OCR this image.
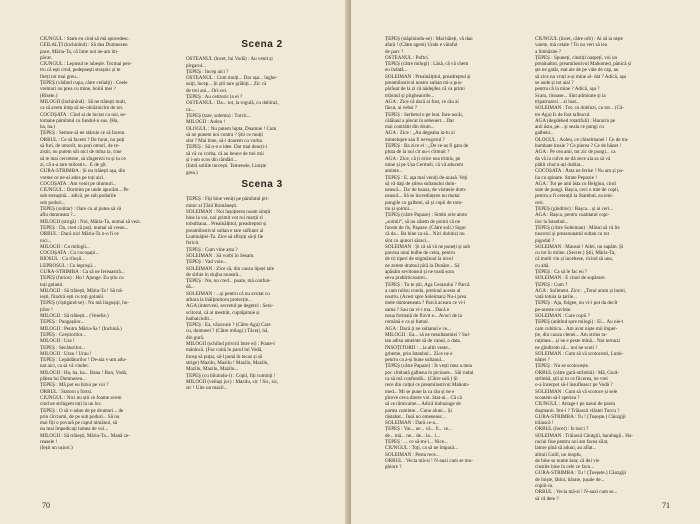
CIUNGUL : Stam eu cind să mă spovedesc.
CEILALȚI (inchinînd) : Să dea Dumnezeu
pace, Măria-Ta, că între noi ne-am îm-
păcat.
CIUNGUL : Lepusul te iubește. Tocmai pen-
tru că ești crud, pedepsești strașnic și te
fierți tot mai greu...
ȚEPEȘ (vădind cupa, către ceilalți) : Ceele
vremuri nu prea cu mine, boiiii mei ?
(Rîsete.)
MILOGII (închinînd) : Să ne trăiești mult,
ca să avem timp să ne-obrăznicim de tot.
COCOȘATA : Cînd ai de lucrat cu noi, se-
tomane pămîntul cu fundul-n sus. (Ha,
ha, ha.)
ȚEPEȘ : Semne să ne stăruie ce să facem.
ORBUL : Ce să facem ? De furat, nu poți
să furi, de omorît, nu poți omorî, de re-
zistit, nu putem sili nici de mîna ta, cine
să te mai cerceteze, să sîngerezi tu și tu ce
zi, că a-a tare milostiv... E de gît.
GURA-STRIMBA : Și nu trăiești așa, din
vreme ce ne-ai adus pe toți aici.
COCOȘATA : Am venit pe drumuri...
CIUNGUL : Dormim pe unde apucăm... Pe
sub streașină... adică, pe sub podurile
sub poduri...
ȚEPEȘ (solitar) : Oare cu ai putea să vă
aflu dumneata ?...
MILOGII (strigă) : Noi, Măria-Ta, numai să vezi.
ȚEPEȘ : Da, cred că poți, numai să vreau...
ORBUL : Dacă nici Măria-Ta n-o fi ce
nici...
MILOGII : Cu milogii...
COCOȘATA : Cu cocoșații...
RIOSUL : Cu rîioșii...
LEPROSUL : Cu leproșii...
GURA-STRIMBA : Ca să ne fereaastră...
ȚEPEȘ (furios) : Ho ! Ajunge. Eu știu cu
toți golanii.
MILOGII : Să trăiești, Măria-Ta ! Să tră-
iești, fiindcă ești cu toți golanii.
ȚEPEȘ (cîștigând-se) : Nu mă lingușiți, ho-
țiilor !
MILOGII : Să trăiești... (Veselie.)
ȚEPEȘ : Pungașilor...
MILOGII : Pentru Măria-Sa ! (Închină.)
ȚEPEȘ : Cerșitorilor...
MILOGII : Ura !
ȚEPEȘ : Secăturilor...
MILOGII : Urau ! Urau !
ȚEPEȘ : Lepădăturilor ! De-aia v-am adu-
nat aici, ca să vă vindec.
MILOGII : Ha, ha, ha... Bana ! Bun, Vodă,
plătea lui Dumnezeu...
ȚEPEȘ : Mă pot eu bizui pe voi ?
ORBUL : Statorn ș fortsi.
CIUNGUL : Nici nu știi ce foame avem
cind ne strîngem toți la un loc.
ȚEPEȘ : O să v-adun de pe drumuri... de
prin cîrciumi, de pe sub poduri... Să nu
mai fiți o povară pe capul nimănui, să
nu mai împedicați lumea de voi...
MILOGII : Să trăiești, Măria-Ta... Mană ce-
reasele !
(Ieșit un ușiori.)
Scena 2
OSTEANUL (încet, lui Vodă) : Au venit și
pîrgarul...
ȚEPEȘ : Încep aici ?
OSTEANUL : Cum mulți... Dar așa... înghe-
suiți, încep... Și știi tare grăbiți... Zic că
de trei ani... Ori-cei.
ȚEPEȘ : Au cetitoric la ei ?
OSTEANUL : Da... tot, la rogulă, cu dobînzi,
ca...
ȚEPEȘ (tare, solemn) : Turcii...
MILOGII : Aoleu !
OLOGUL : Nu putem lupta, Doamne ! Cum
să ne punem noi contra ? Știi ce mulți
sînt ? Mai bine, să-i doarem cu vorba.
ȚEPEȘ : Să n-o e idee. Dar mai deacți-i
să vă cu vorba, că au beuce de trei mii
și i-am scos din răndări...
(Intră soliile turcești. Temenele, Liniște
grea.)
Scena 3
ȚEPEȘ : Fiți bine veniți pe pămîntul pri-
mitor al Țării Românești.
SOLEIMAN : Noi înșoțierea noam simții
bine la voi, noi primit vot roi marții ri
tobulbaua... Preaînălțitul, preadreptul și
preamilostivul sultan e tare sufluntr al
Luminăției-Ta. Zice să sfîrșiți să-ți fie
fericit.
ȚEPEȘ : Cum vine asta ?
SOLEIMAN : Să vorbi în Sesam.
ȚEPEȘ : Vad voie...
SOLEIMAN : Zice că, din cauza lipsei tale
de sîrbie în slujba noastră...
ȚEPEȘ : Nu, nu cred... poate, mă confun-
dă...
SOLEIMAN : ...și pentru că nu avutat cu
atîtara la înălțimitoru protecție...
AGA (interveni, secretul pe degete) : Sera-
scitorul, că ai mestrăt, cuprăpimie și
haihaiciulit...
ȚEPEȘ : Ea, văzuvaie ? (Către Aga) Care
cu, dumneei ? (Către milogi.) Tăceți, hă,
din gură.
MILOGII (schiînd privirii între ei) : Poate-l
mănîncă. (Fac cuită în parul lui Vodă,
încep să puțar, să-l pună în tecaz și să
strige) Mazilu, Mazilu ! Mazilu, Mazilu,
Mazilu, Mazilu, Mazilu...
ȚEPEȘ (cu bîiuindu-i) : Copii, fiți cuminți !
MILOGII (veilași joc) : Mazilu, sic ! Sic, sic,
sic ! Uite un mazil...
70
ȚEPEȘ (stăpînindu-se) : Mai băieți, vă dau
afară ! (Către agem) Unde e vătaful
de parc ?
OSTEANUL : Poftci.
ȚEPEȘ (către milogi) : Lăsă, că vă chem
eu îndată...
SOLEIMAN : Preaînălțitul, preadreptul și
preamilostivul nostru sultan mi-a pus-
părăsat de la zi că nădejdea că va primi
tributul și pîrgheaurile...
AGA : Zice că dacă ai fost, ce rău ai
făcut, ai vebst ?
ȚEPEȘ : Serbetul e pe leat. Înre-ascăi,
călăiaul a plecat în sebeuert... Dar
mai contrătit din drum...
AGA : Zice : „Au degeaba ia-tu zi
mintelupre sau fi nevegorul ?
ȚEPEȘ : Ba zice el : „De ce-as fi gata de
pluta de la noi cît nu-i cîrmuit ?
AGA : Zice, că ți orice nea trimis, pe
mine și pe Ușa Cermeli, că vă aducem
aminte...
ȚEPEȘ : E. aşa mai veniţi de-acasă. Veţi
să vă daţi de știrea sultanului dom-
nească... Da' de baaza, de vistierie dom-
nească... Să se încredințeze nu mutai
pungile cu galbeni, să și copii de rom-
tiu și șoimii...
ȚEPEȘ (către Papaze) : Simbi orie atoto
„soimii”, să nu zăiem de poimi că ne
facem de rîs, Papaze. (Cătrе soli.) Sigur
că da... Ba bine ca să... Nici dobinzi nu
sînt cu ajutori săraci...
SOLEIMAN : Și că să vă ne puneți și sub
paveza unui bulbe de cetra, pentru
de tri tiperi de stigmătoul la nivel
ne zerete dramul pîră la Dunăre... Să
apăsăm sevitonsul și ne toată sora
seva prahîrticsoarei...
ȚEPEȘ : Tu te știi, Aga Cerasului ? Parcă
a cam tulisu condu, pretinul acesta al
nostru. (Acest spre Soleiman) Nu-i prea
mele dumneneata ? Parcă aceara ce vi-i
sama ? Sau nu vi-i ma... Dacă e
noua formată de fluvit e... Avoci de la
română e ca și fumul.
AGA : Dacă ți ne sultanul e ce...
MILOGII : Ea... să ne nesultanmiei ? Sul-
tan adisu ameinte să de vanul, o data.
ÎNSOȚITORII : ...la altii veste...
grbeme, prin Istanbul... Zice ne e
pentru ca a-și bune sultanul...
ȚEPEȘ (către Papaze) : Îs vești mea a mea
poc cîmbată galbena în picioare... Săi rudul
ca să mă confundă... (Către soli.) Și
rece din colțul ce preamilostivul Mahom-
med... Mi se pune la ca rău și ne e
pîrove ceva dintre voi. Stat-ai... Că că
să ce rămicame... Adică tinbuzuge de
partea cuminte... Cuno aluni... Și
răstabat... Însă no omeneasc...
SOLEIMAN : Dară ce-a...
ȚEPEȘ : Vai... ne... vă... fi... ce...
de... mă... ne... de... la... i...
ȚEPEȘ : ... ce să-mi-i... Nice...
CIUNGUL : Toți, ca să ne împacă...
SOLEIMAN : Pesta rece...
ORBUL : Vecia mă-si ! N-auzi cum se mo-
ghiore ?
CIUNGUL (încet, către orb) : Ai să ia niște
vaiete, mă cetate ! Tu nu veri să iea
a limbăzite ?
ȚEPEȘ : Spuneți, cinstiți oaspeți, voi un
preaînaltul, preamilostivul Mahomed, pănică și
ște ne gatăt, stat aie de pe vale de cap, au
să zice nu vroți a-și mine al- dat ? Adică, așa
se aude și tot aiai ?
pentru că la mine ? Adică, așa ?
Scara, rinoase... Sînt admirate și la
tripatruzeci... ai luat...
SOLEIMAN : Tot, cu dobînzi, cu tot... (Că-
tre Aga) Îs de fost talbucul.
AGA (degdehed rotatifuli) : Haracin pe
anii ăsta, pe... și seala ce pungi cu
galbeni...
OLOGUL : Aoleu, ce chiselmanei ! Ce de tra-
bumbate irusie ? Ce pierea ? Ce de bănet !
AGA : Pe cea anii, tot zic de pungi... ca
da vă ia culvn ne dă zece aia sa să vă
plătit cînd n-ați dublat...
COCOȘATA : Ăsta ne ferise ! Nu am și po-
lia cu spinare. Strate Pepuzie !
AGA : Tot pe anii ăsta cu Belgiun, cinci
sute de pungi. Bașca, ceci o mie de copii,
pentru a fi cereuții la Stambul, ea ieni-
ceri.
ȚEPEȘ (gînditor) : Bașca... și ai ceri...
AGA : Bașca, pentru cuatitatul copi-
ilor la Istanbul...
ȚEPEȘ (către Soleiman) : Mâsui să vă lie
tuscerzi și preasnunatul sultan cu tot
pigodul ?
SOLEIMAN : Mausui ! Allel, nu sapăm. Și
cu tot în miine. (Secret.) Știi, Măria-Ta,
că multi vin și inceltese, ricind să una,
cu altă.
ȚEPEȘ : Ca să le fac eu ?
SOLEIMAN : E cinul de supărare.
ȚEPEȘ : Cum ?
AGA : Soliment. Zice : „Totul arum și bumi,
vată totuia ia țarile...
ȚEPEȘ : Aja, folgee, nu vi-i pot da decît
pe-aceste cuvinte.
SOLEIMAN : Care copii ?
ȚEPEȘ (arătînd spre milogi) : Ei... Au nie-t
cam cubiticu... Am avut niște mii împer-
ție, din cauza clenei... Am strins ra-
ruțimea... și ne e peste mînă... Noi ternuzi
ne gîndirom că... noi ne scoti !
SOLEIMAN : Cum să vă scotocesti, Lumi-
năției ?
ȚEPEȘ : Nu se scotocește.
ORBUL (către gură-strîmbă) : Mă, Gură-
strîmbă, știi și tu ce fiicerea, ne vrei
o-a încerpot să-l însufleascr pe Vodă ?
SOLEIMAN : Cum să vă scotoce și sele
scoatem să-l speriea ?
CIUNGUL : Atrage-i pe nasul de parea
dușmanii. Îmi-i ? Trăiască vlăstei Turcu ?
GURA-STRIMBA : Tu ! (Tușește.) Căuzgiji
trăiască !
ORBUL (încet) : Îs turci ?
SOLEIMAN : Trăiască Căutgiii, harabagii.. Ha-
raciul fiue pentru noi am facea sîlat,
latnre pînă să aduni, au aflat...
alituii Guill, un inoplu,
de bine se nume ăsta; că dei vie
cinstite bine în cele ce facu...
GURA-STRIMBA : Tu ! (Țueșete.) Căuzgiji
de îniște, lătini, bărate, țușale de...
copiii-la.
ORBUL : Vecia mă-si ! N-auzi cum se...
să vă dete ?
71
